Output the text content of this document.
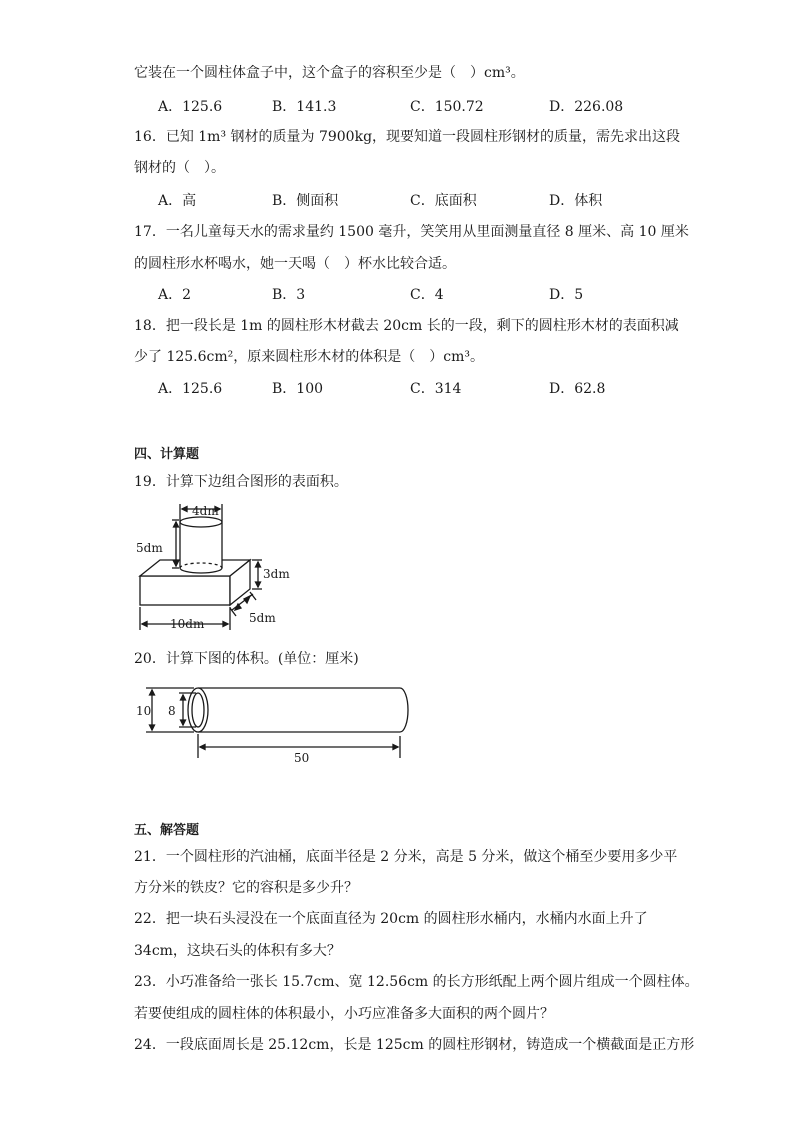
它装在一个圆柱体盒子中，这个盒子的容积至少是（　）cm³。
A．125.6	B．141.3	C．150.72	D．226.08
16．已知 1m³ 钢材的质量为 7900kg，现要知道一段圆柱形钢材的质量，需先求出这段
钢材的（　）。
A．高	B．侧面积	C．底面积	D．体积
17．一名儿童每天水的需求量约 1500 毫升，笑笑用从里面测量直径 8 厘米、高 10 厘米
的圆柱形水杯喝水，她一天喝（　）杯水比较合适。
A．2	B．3	C．4	D．5
18．把一段长是 1m 的圆柱形木材截去 20cm 长的一段，剩下的圆柱形木材的表面积减
少了 125.6cm²，原来圆柱形木材的体积是（　）cm³。
A．125.6	B．100	C．314	D．62.8
四、计算题
19．计算下边组合图形的表面积。
4dm
5dm
3dm
10dm	5dm
20．计算下图的体积。(单位：厘米)
10 8
50
五、解答题
21．一个圆柱形的汽油桶，底面半径是 2 分米，高是 5 分米，做这个桶至少要用多少平
方分米的铁皮？它的容积是多少升？
22．把一块石头浸没在一个底面直径为 20cm 的圆柱形水桶内，水桶内水面上升了
34cm，这块石头的体积有多大？
23．小巧准备给一张长 15.7cm、宽 12.56cm 的长方形纸配上两个圆片组成一个圆柱体。
若要使组成的圆柱体的体积最小，小巧应准备多大面积的两个圆片？
24．一段底面周长是 25.12cm，长是 125cm 的圆柱形钢材，铸造成一个横截面是正方形
